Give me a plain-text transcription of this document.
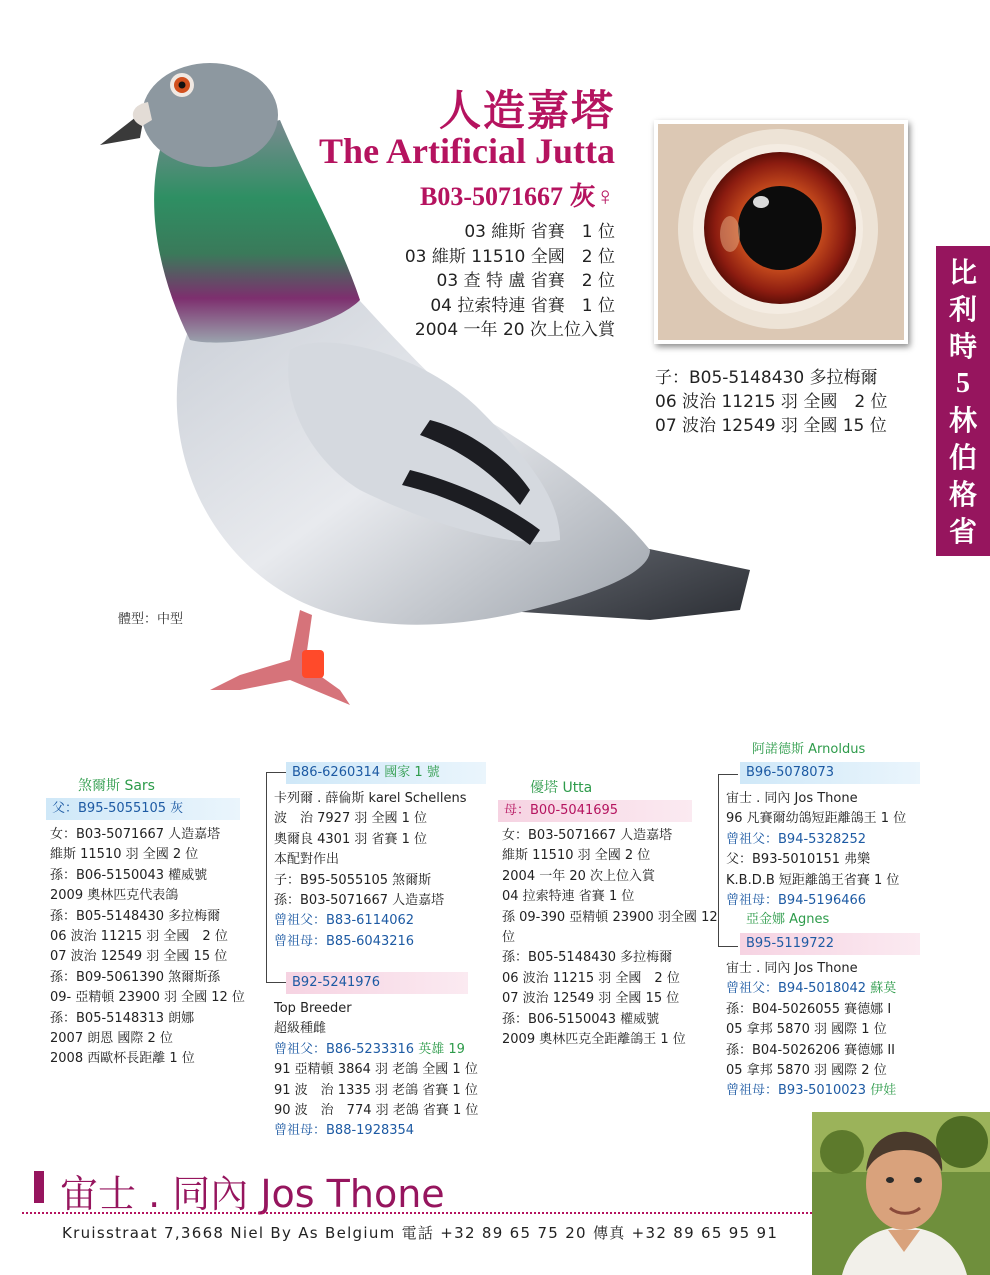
人造嘉塔
The Artificial Jutta
B03-5071667 灰♀
03 維斯 省賽　1 位
03 維斯 11510 全國　2 位
03 查 特 盧 省賽　2 位
04 拉索特連 省賽　1 位
2004 一年 20 次上位入賞
子：B05-5148430 多拉梅爾
06 波治 11215 羽 全國　2 位
07 波治 12549 羽 全國 15 位
比
利
時
5
林
伯
格
省
體型：中型
煞爾斯 Sars
父：B95-5055105 灰
女：B03-5071667 人造嘉塔
維斯 11510 羽 全國 2 位
孫：B06-5150043 權威號
2009 奧林匹克代表鴿
孫：B05-5148430 多拉梅爾
06 波治 11215 羽 全國　2 位
07 波治 12549 羽 全國 15 位
孫：B09-5061390 煞爾斯孫
09- 亞精頓 23900 羽 全國 12 位
孫：B05-5148313 朗娜
2007 朗恩 國際 2 位
2008 西歐杯長距離 1 位
B86-6260314 國家 1 號
卡列爾 . 薛倫斯 karel Schellens
波　治 7927 羽 全國 1 位
奧爾良 4301 羽 省賽 1 位
本配對作出
子：B95-5055105 煞爾斯
孫：B03-5071667 人造嘉塔
曾祖父：B83-6114062
曾祖母：B85-6043216
B92-5241976
Top Breeder
超級種雌
曾祖父：B86-5233316 英雄 19
91 亞精頓 3864 羽 老鴿 全國 1 位
91 波　治 1335 羽 老鴿 省賽 1 位
90 波　治　774 羽 老鴿 省賽 1 位
曾祖母：B88-1928354
優塔 Utta
母：B00-5041695
女：B03-5071667 人造嘉塔
維斯 11510 羽 全國 2 位
2004 一年 20 次上位入賞
04 拉索特連 省賽 1 位
孫 09-390 亞精頓 23900 羽全國 12 位
孫：B05-5148430 多拉梅爾
06 波治 11215 羽 全國　2 位
07 波治 12549 羽 全國 15 位
孫：B06-5150043 權威號
2009 奧林匹克全距離鴿王 1 位
阿諾德斯 Arnoldus
B96-5078073
宙士 . 同內 Jos Thone
96 凡賽爾幼鴿短距離鴿王 1 位
曾祖父：B94-5328252
父：B93-5010151 弗樂
K.B.D.B 短距離鴿王省賽 1 位
曾祖母：B94-5196466
亞金娜 Agnes
B95-5119722
宙士 . 同內 Jos Thone
曾祖父：B94-5018042 蘇莫
孫：B04-5026055 賽德娜 I
05 拿邦 5870 羽 國際 1 位
孫：B04-5026206 賽德娜 II
05 拿邦 5870 羽 國際 2 位
曾祖母：B93-5010023 伊娃
宙士 . 同內 Jos Thone
Kruisstraat 7,3668 Niel By As Belgium 電話 +32 89 65 75 20 傳真 +32 89 65 95 91
